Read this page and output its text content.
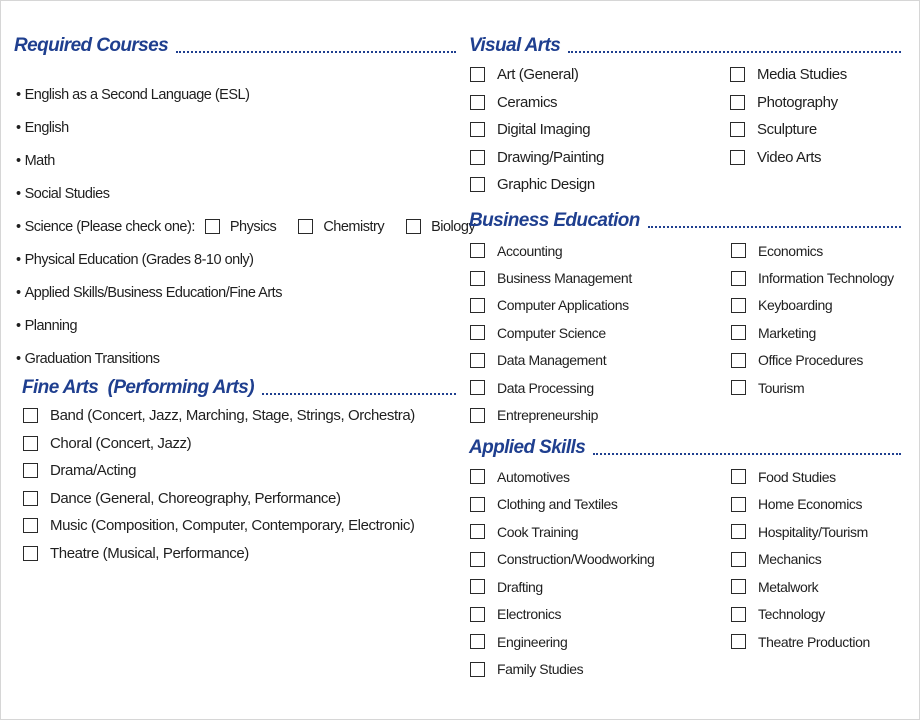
Required Courses
• English as a Second Language (ESL)
• English
• Math
• Social Studies
• Science (Please check one): Physics	Chemistry	Biology
• Physical Education (Grades 8-10 only)
• Applied Skills/Business Education/Fine Arts
• Planning
• Graduation Transitions
Fine Arts  (Performing Arts)
Band (Concert, Jazz, Marching, Stage, Strings, Orchestra)
Choral (Concert, Jazz)
Drama/Acting
Dance (General, Choreography, Performance)
Music (Composition, Computer, Contemporary, Electronic)
Theatre (Musical, Performance)
Visual Arts
Art (General)
Ceramics
Digital Imaging
Drawing/Painting
Graphic Design
Media Studies
Photography
Sculpture
Video Arts
Business Education
Accounting
Business Management
Computer Applications
Computer Science
Data Management
Data Processing
Entrepreneurship
Economics
Information Technology
Keyboarding
Marketing
Office Procedures
Tourism
Applied Skills
Automotives
Clothing and Textiles
Cook Training
Construction/Woodworking
Drafting
Electronics
Engineering
Family Studies
Food Studies
Home Economics
Hospitality/Tourism
Mechanics
Metalwork
Technology
Theatre Production
